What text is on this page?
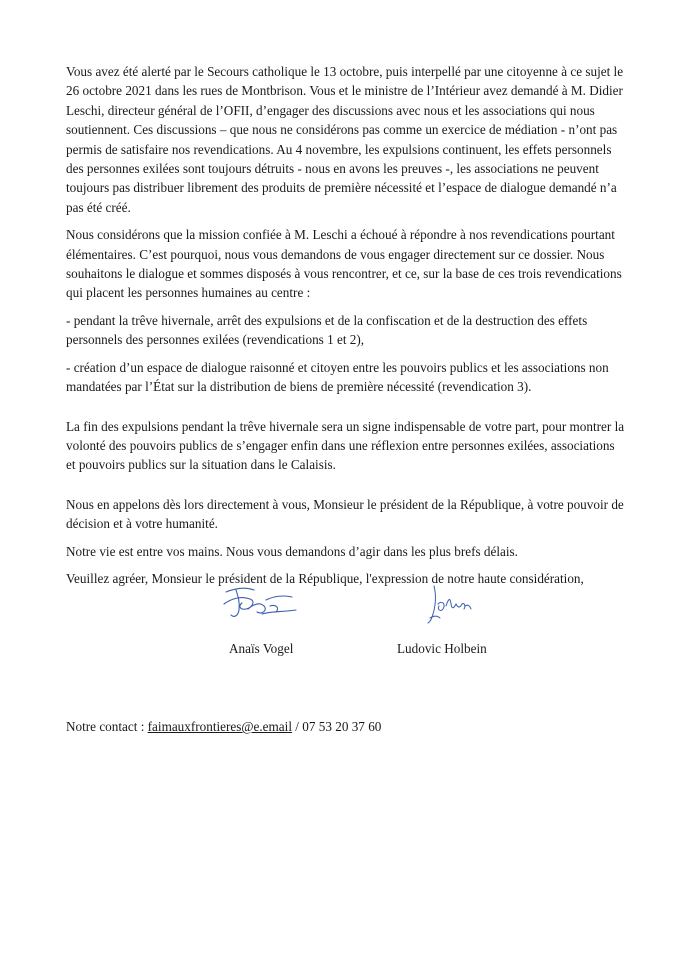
Vous avez été alerté par le Secours catholique le 13 octobre, puis interpellé par une citoyenne à ce sujet le 26 octobre 2021 dans les rues de Montbrison. Vous et le ministre de l’Intérieur avez demandé à M. Didier Leschi, directeur général de l’OFII, d’engager des discussions avec nous et les associations qui nous soutiennent. Ces discussions – que nous ne considérons pas comme un exercice de médiation - n’ont pas permis de satisfaire nos revendications. Au 4 novembre, les expulsions continuent, les effets personnels des personnes exilées sont toujours détruits - nous en avons les preuves -, les associations ne peuvent toujours pas distribuer librement des produits de première nécessité et l’espace de dialogue demandé n’a pas été créé.

Nous considérons que la mission confiée à M. Leschi a échoué à répondre à nos revendications pourtant élémentaires. C’est pourquoi, nous vous demandons de vous engager directement sur ce dossier. Nous souhaitons le dialogue et sommes disposés à vous rencontrer, et ce, sur la base de ces trois revendications qui placent les personnes humaines au centre :

- pendant la trêve hivernale, arrêt des expulsions et de la confiscation et de la destruction des effets personnels des personnes exilées (revendications 1 et 2),

- création d’un espace de dialogue raisonné et citoyen entre les pouvoirs publics et les associations non mandatées par l’État sur la distribution de biens de première nécessité (revendication 3).

La fin des expulsions pendant la trêve hivernale sera un signe indispensable de votre part, pour montrer la volonté des pouvoirs publics de s’engager enfin dans une réflexion entre personnes exilées, associations et pouvoirs publics sur la situation dans le Calaisis.

Nous en appelons dès lors directement à vous, Monsieur le président de la République, à votre pouvoir de décision et à votre humanité.

Notre vie est entre vos mains. Nous vous demandons d’agir dans les plus brefs délais.

Veuillez agréer, Monsieur le président de la République, l'expression de notre haute considération,

Anaïs Vogel	Ludovic Holbein
Notre contact : faimauxfrontieres@e.email / 07 53 20 37 60
